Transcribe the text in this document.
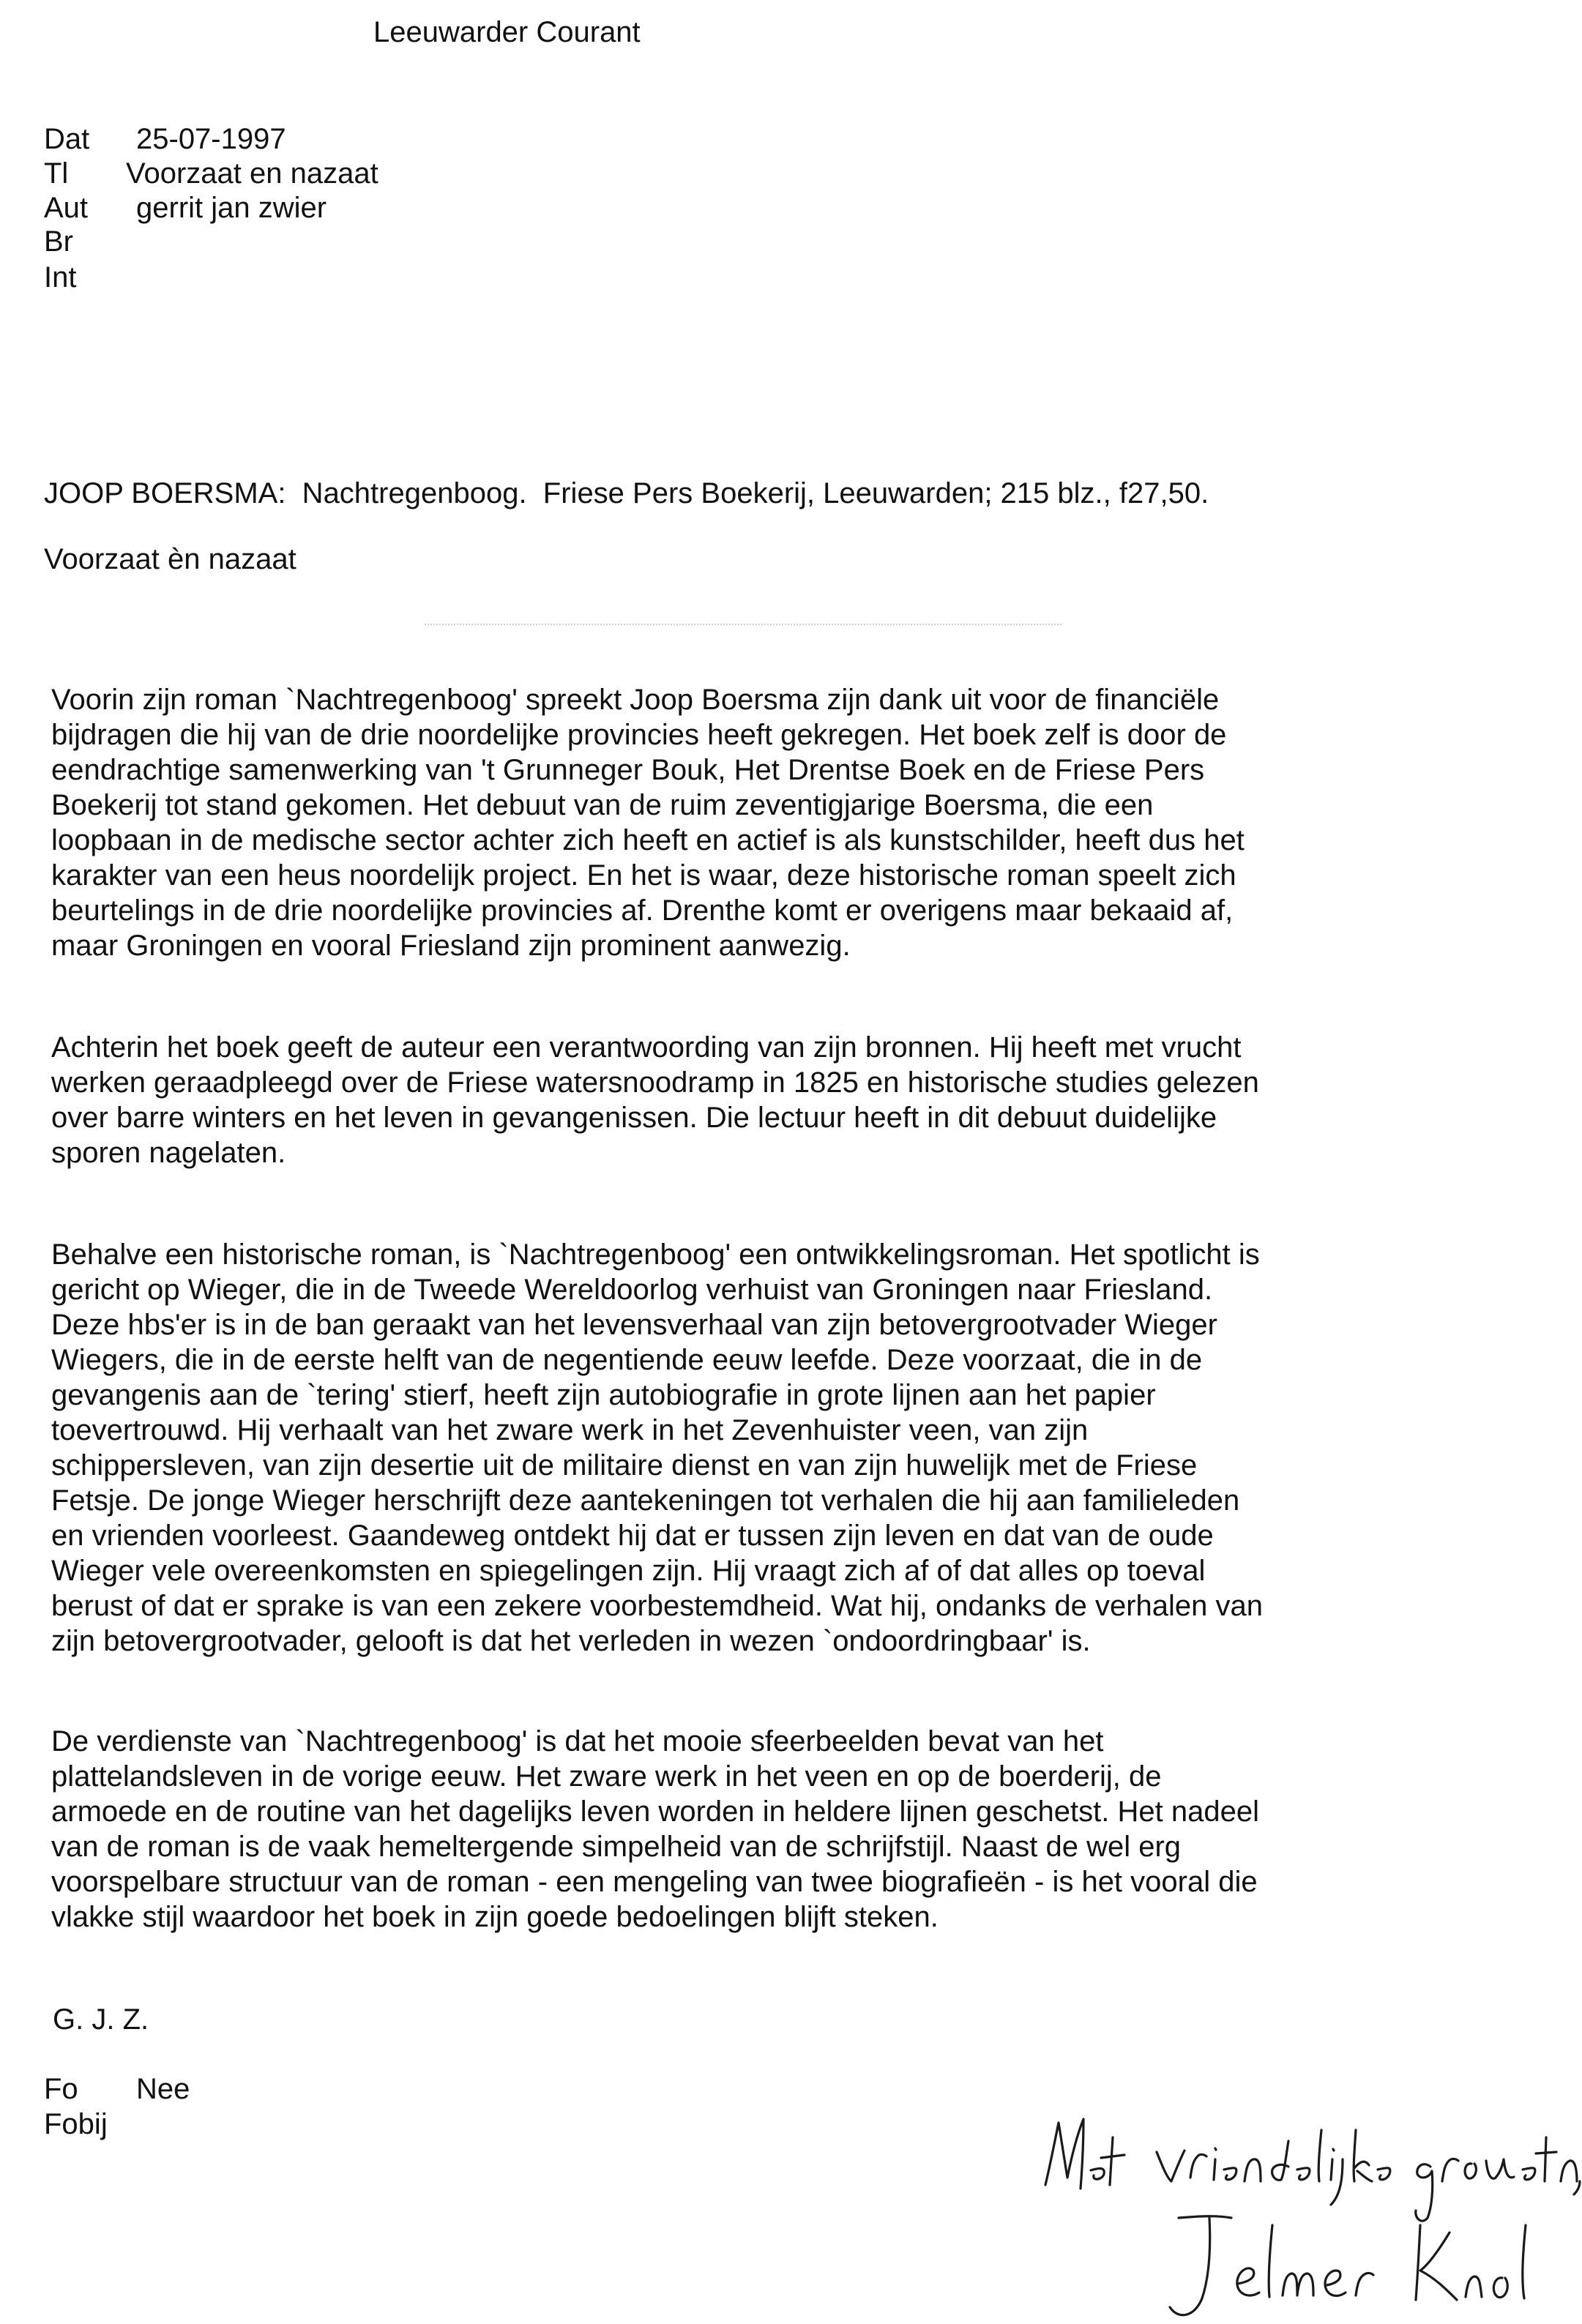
Leeuwarder Courant
Dat 25-07-1997
Tl Voorzaat en nazaat
Aut gerrit jan zwier
Br
Int
JOOP BOERSMA:  Nachtregenboog.  Friese Pers Boekerij, Leeuwarden; 215 blz., f27,50.
Voorzaat èn nazaat
Voorin zijn roman `Nachtregenboog' spreekt Joop Boersma zijn dank uit voor de financiële
bijdragen die hij van de drie noordelijke provincies heeft gekregen. Het boek zelf is door de
eendrachtige samenwerking van 't Grunneger Bouk, Het Drentse Boek en de Friese Pers
Boekerij tot stand gekomen. Het debuut van de ruim zeventigjarige Boersma, die een
loopbaan in de medische sector achter zich heeft en actief is als kunstschilder, heeft dus het
karakter van een heus noordelijk project. En het is waar, deze historische roman speelt zich
beurtelings in de drie noordelijke provincies af. Drenthe komt er overigens maar bekaaid af,
maar Groningen en vooral Friesland zijn prominent aanwezig.
Achterin het boek geeft de auteur een verantwoording van zijn bronnen. Hij heeft met vrucht
werken geraadpleegd over de Friese watersnoodramp in 1825 en historische studies gelezen
over barre winters en het leven in gevangenissen. Die lectuur heeft in dit debuut duidelijke
sporen nagelaten.
Behalve een historische roman, is `Nachtregenboog' een ontwikkelingsroman. Het spotlicht is
gericht op Wieger, die in de Tweede Wereldoorlog verhuist van Groningen naar Friesland.
Deze hbs'er is in de ban geraakt van het levensverhaal van zijn betovergrootvader Wieger
Wiegers, die in de eerste helft van de negentiende eeuw leefde. Deze voorzaat, die in de
gevangenis aan de `tering' stierf, heeft zijn autobiografie in grote lijnen aan het papier
toevertrouwd. Hij verhaalt van het zware werk in het Zevenhuister veen, van zijn
schippersleven, van zijn desertie uit de militaire dienst en van zijn huwelijk met de Friese
Fetsje. De jonge Wieger herschrijft deze aantekeningen tot verhalen die hij aan familieleden
en vrienden voorleest. Gaandeweg ontdekt hij dat er tussen zijn leven en dat van de oude
Wieger vele overeenkomsten en spiegelingen zijn. Hij vraagt zich af of dat alles op toeval
berust of dat er sprake is van een zekere voorbestemdheid. Wat hij, ondanks de verhalen van
zijn betovergrootvader, gelooft is dat het verleden in wezen `ondoordringbaar' is.
De verdienste van `Nachtregenboog' is dat het mooie sfeerbeelden bevat van het
plattelandsleven in de vorige eeuw. Het zware werk in het veen en op de boerderij, de
armoede en de routine van het dagelijks leven worden in heldere lijnen geschetst. Het nadeel
van de roman is de vaak hemeltergende simpelheid van de schrijfstijl. Naast de wel erg
voorspelbare structuur van de roman - een mengeling van twee biografieën - is het vooral die
vlakke stijl waardoor het boek in zijn goede bedoelingen blijft steken.
G. J. Z.
Fo Nee
Fobij
